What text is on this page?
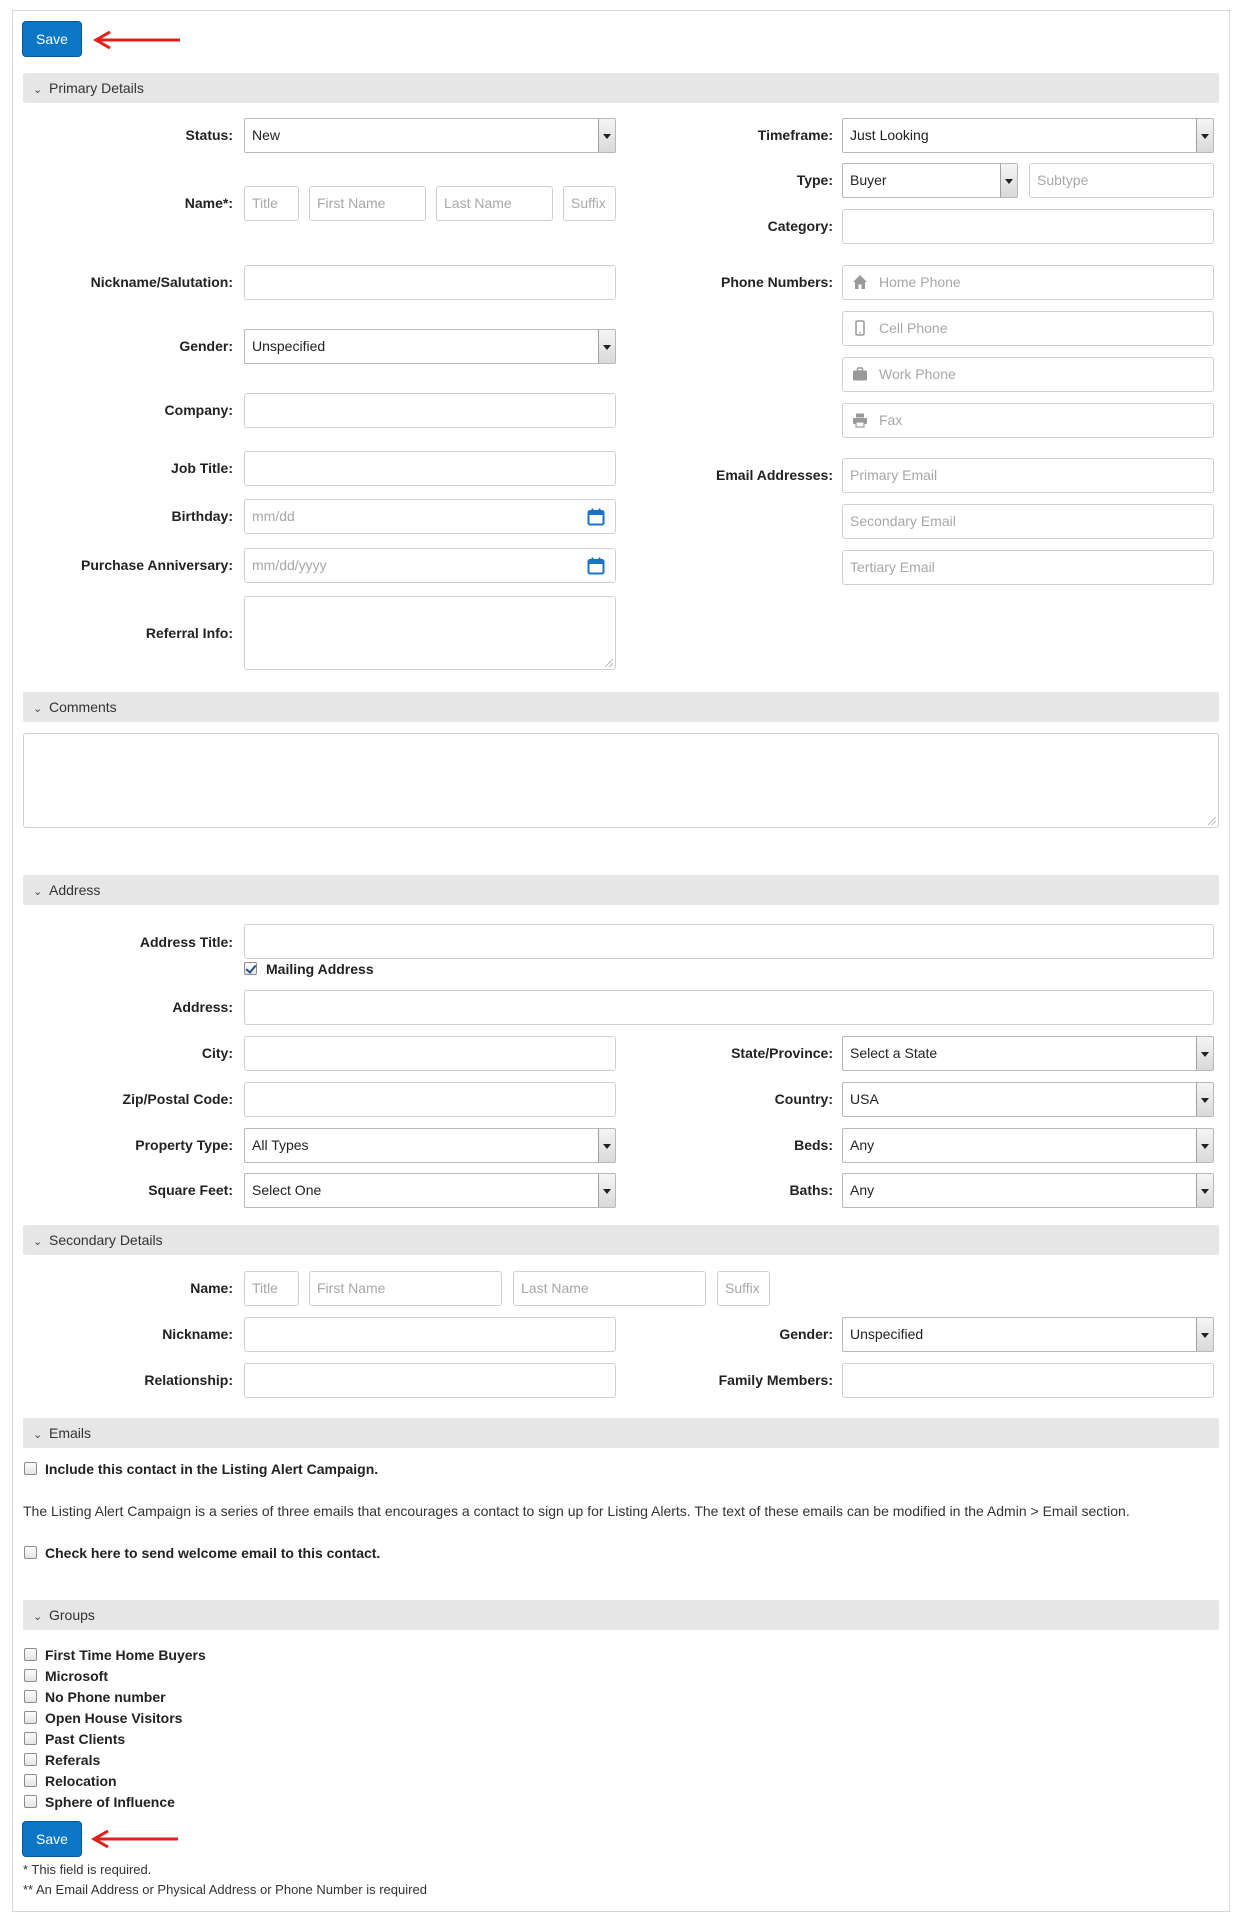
Save
⌄ Primary Details
Status:	New
Name*:	Title	First Name	Last Name	Suffix
Nickname/Salutation:
Gender:	Unspecified
Company:
Job Title:
Birthday:	mm/dd
Purchase Anniversary:	mm/dd/yyyy
Referral Info:
Timeframe:	Just Looking
Type:	Buyer	Subtype
Category:
Phone Numbers:	Home Phone
Cell Phone
Work Phone
Fax
Email Addresses:	Primary Email
Secondary Email
Tertiary Email
⌄ Comments
⌄ Address
Address Title:
Mailing Address
Address:
City:	State/Province:	Select a State
Zip/Postal Code:	Country:	USA
Property Type:	All Types	Beds:	Any
Square Feet:	Select One	Baths:	Any
⌄ Secondary Details
Name:	Title	First Name	Last Name	Suffix
Nickname:	Gender:	Unspecified
Relationship:	Family Members:
⌄ Emails
Include this contact in the Listing Alert Campaign.
The Listing Alert Campaign is a series of three emails that encourages a contact to sign up for Listing Alerts. The text of these emails can be modified in the Admin > Email section.
Check here to send welcome email to this contact.
⌄ Groups
First Time Home Buyers
Microsoft
No Phone number
Open House Visitors
Past Clients
Referals
Relocation
Sphere of Influence
Save
* This field is required.
** An Email Address or Physical Address or Phone Number is required
